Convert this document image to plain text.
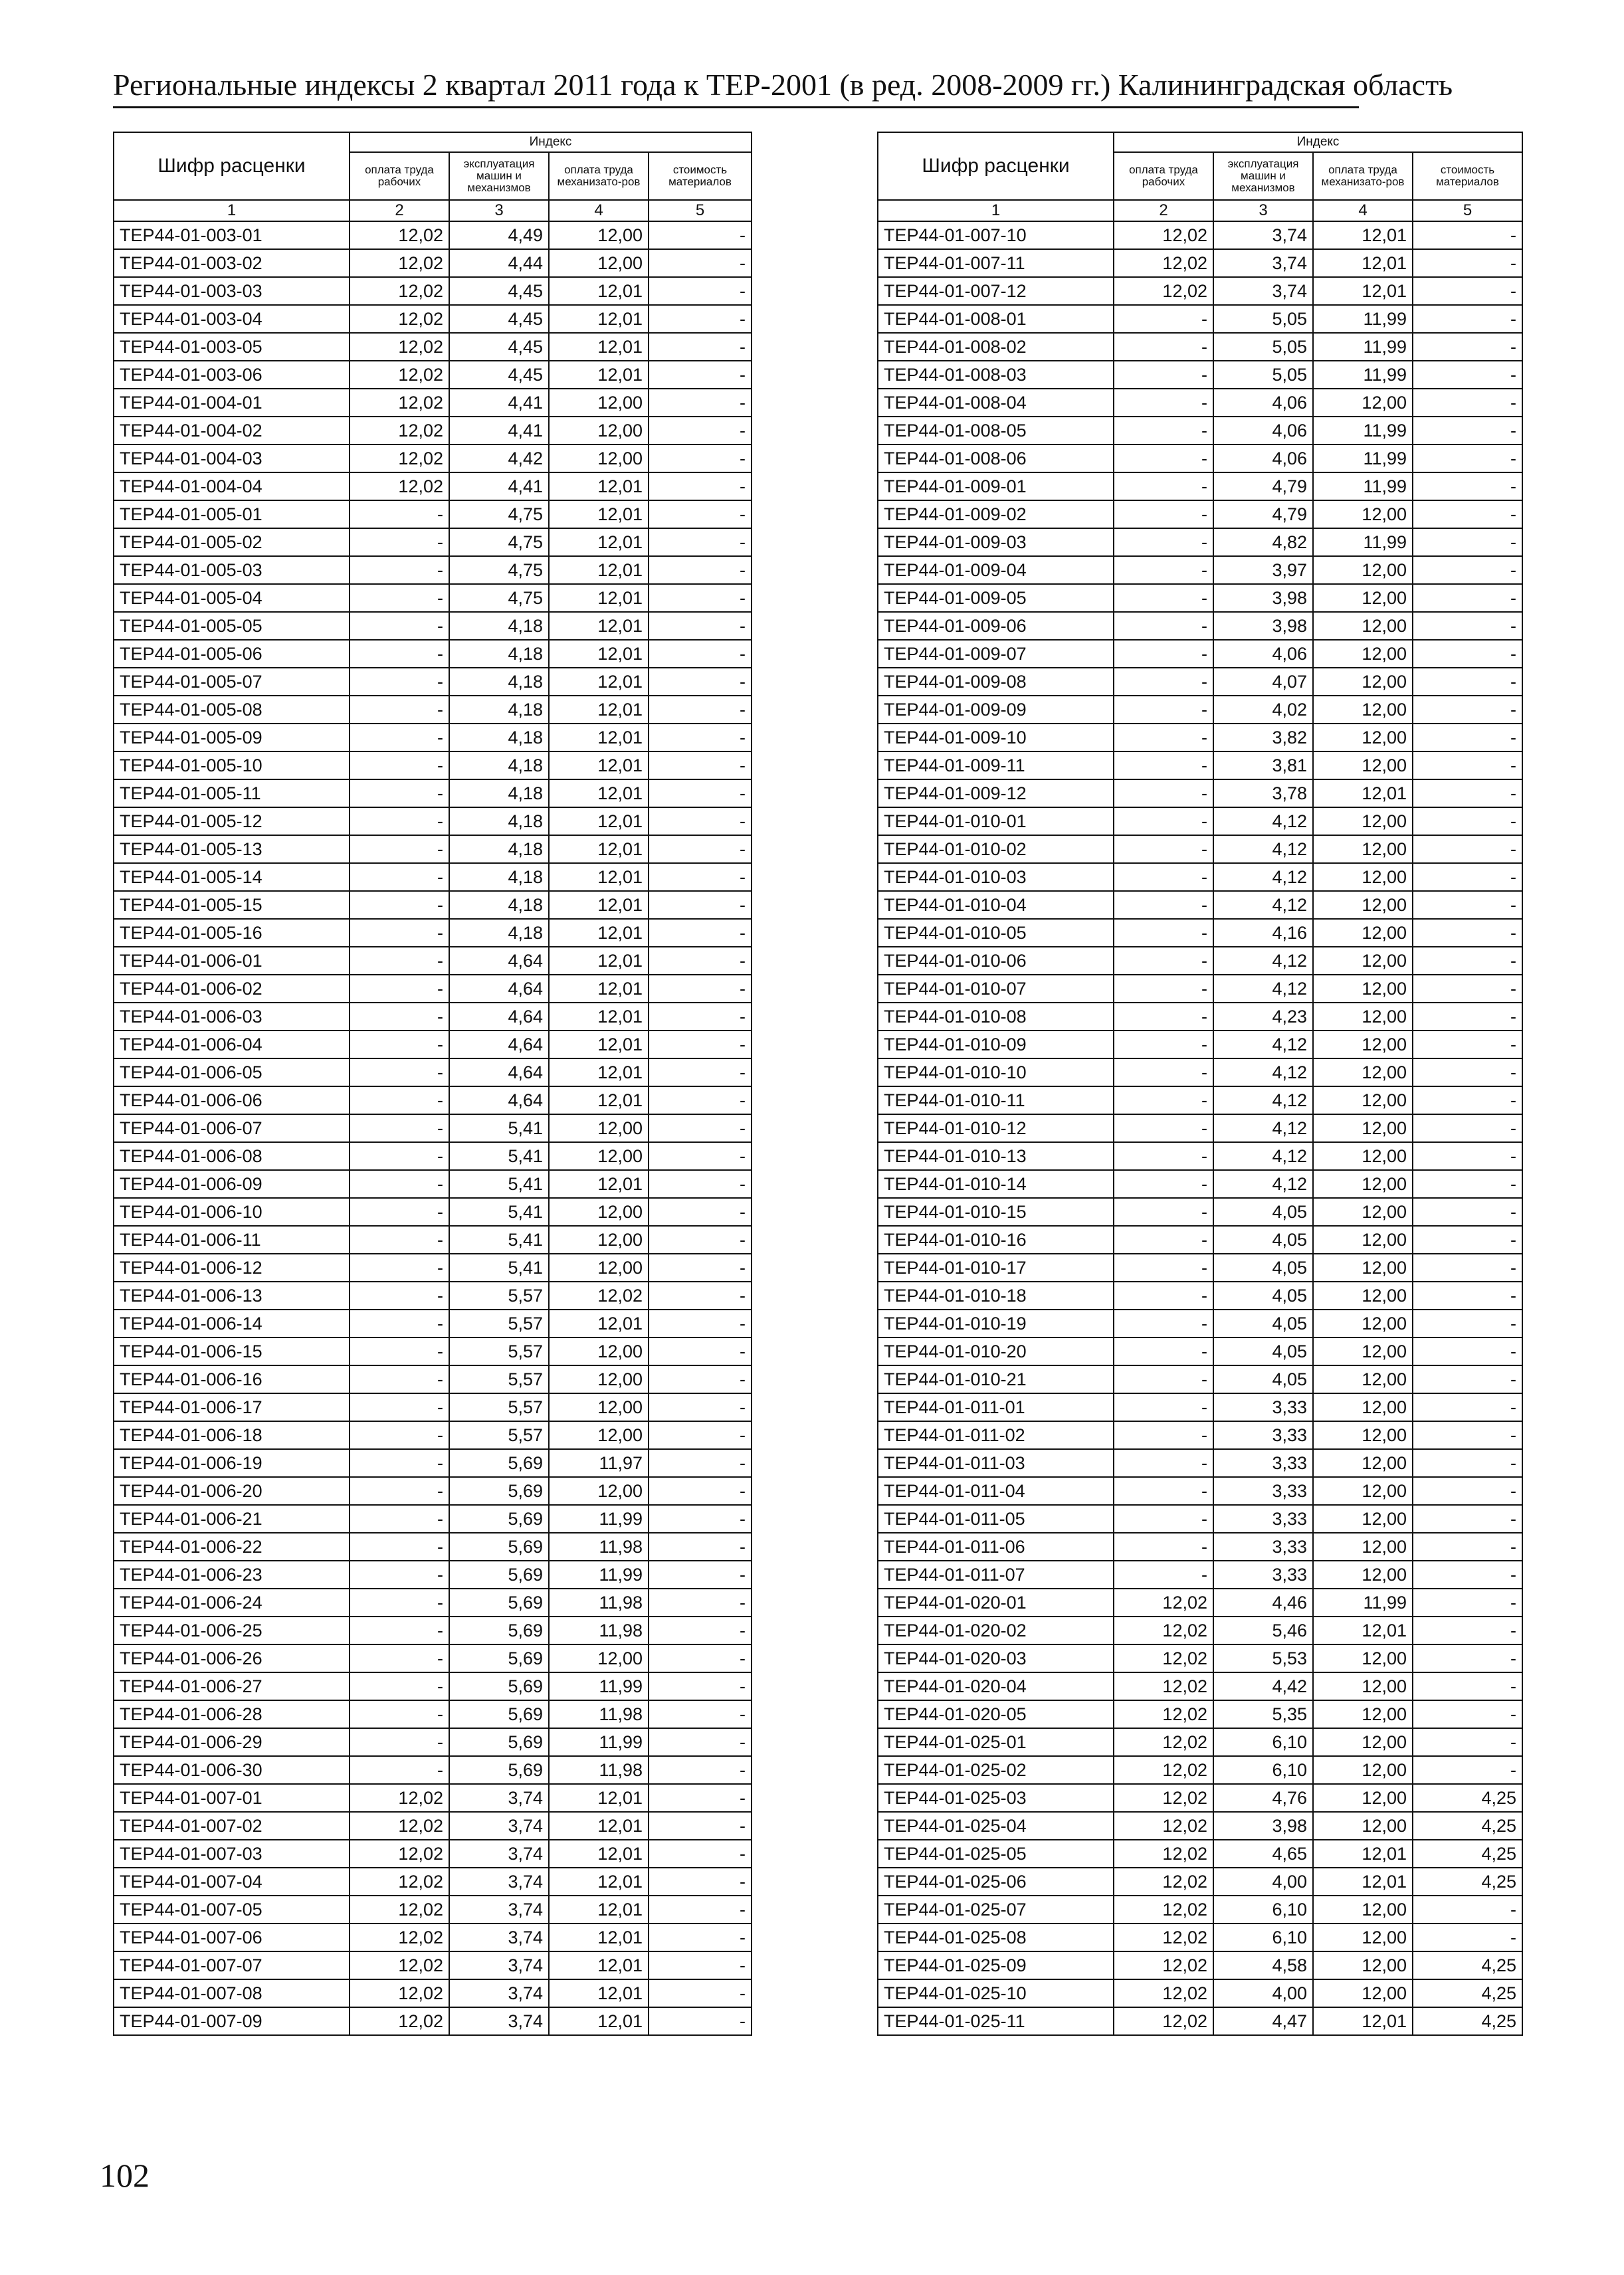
Региональные индексы 2 квартал 2011 года к ТЕР-2001 (в ред. 2008-2009 гг.) Калининградская область
Шифр расценки	Индекс			
	оплата труда рабочих	эксплуатация машин и механизмов	оплата труда механизато-ров	стоимость материалов
1	2	3	4	5
ТЕР44-01-003-01	12,02	4,49	12,00	-
ТЕР44-01-003-02	12,02	4,44	12,00	-
ТЕР44-01-003-03	12,02	4,45	12,01	-
ТЕР44-01-003-04	12,02	4,45	12,01	-
ТЕР44-01-003-05	12,02	4,45	12,01	-
ТЕР44-01-003-06	12,02	4,45	12,01	-
ТЕР44-01-004-01	12,02	4,41	12,00	-
ТЕР44-01-004-02	12,02	4,41	12,00	-
ТЕР44-01-004-03	12,02	4,42	12,00	-
ТЕР44-01-004-04	12,02	4,41	12,01	-
ТЕР44-01-005-01	-	4,75	12,01	-
ТЕР44-01-005-02	-	4,75	12,01	-
ТЕР44-01-005-03	-	4,75	12,01	-
ТЕР44-01-005-04	-	4,75	12,01	-
ТЕР44-01-005-05	-	4,18	12,01	-
ТЕР44-01-005-06	-	4,18	12,01	-
ТЕР44-01-005-07	-	4,18	12,01	-
ТЕР44-01-005-08	-	4,18	12,01	-
ТЕР44-01-005-09	-	4,18	12,01	-
ТЕР44-01-005-10	-	4,18	12,01	-
ТЕР44-01-005-11	-	4,18	12,01	-
ТЕР44-01-005-12	-	4,18	12,01	-
ТЕР44-01-005-13	-	4,18	12,01	-
ТЕР44-01-005-14	-	4,18	12,01	-
ТЕР44-01-005-15	-	4,18	12,01	-
ТЕР44-01-005-16	-	4,18	12,01	-
ТЕР44-01-006-01	-	4,64	12,01	-
ТЕР44-01-006-02	-	4,64	12,01	-
ТЕР44-01-006-03	-	4,64	12,01	-
ТЕР44-01-006-04	-	4,64	12,01	-
ТЕР44-01-006-05	-	4,64	12,01	-
ТЕР44-01-006-06	-	4,64	12,01	-
ТЕР44-01-006-07	-	5,41	12,00	-
ТЕР44-01-006-08	-	5,41	12,00	-
ТЕР44-01-006-09	-	5,41	12,01	-
ТЕР44-01-006-10	-	5,41	12,00	-
ТЕР44-01-006-11	-	5,41	12,00	-
ТЕР44-01-006-12	-	5,41	12,00	-
ТЕР44-01-006-13	-	5,57	12,02	-
ТЕР44-01-006-14	-	5,57	12,01	-
ТЕР44-01-006-15	-	5,57	12,00	-
ТЕР44-01-006-16	-	5,57	12,00	-
ТЕР44-01-006-17	-	5,57	12,00	-
ТЕР44-01-006-18	-	5,57	12,00	-
ТЕР44-01-006-19	-	5,69	11,97	-
ТЕР44-01-006-20	-	5,69	12,00	-
ТЕР44-01-006-21	-	5,69	11,99	-
ТЕР44-01-006-22	-	5,69	11,98	-
ТЕР44-01-006-23	-	5,69	11,99	-
ТЕР44-01-006-24	-	5,69	11,98	-
ТЕР44-01-006-25	-	5,69	11,98	-
ТЕР44-01-006-26	-	5,69	12,00	-
ТЕР44-01-006-27	-	5,69	11,99	-
ТЕР44-01-006-28	-	5,69	11,98	-
ТЕР44-01-006-29	-	5,69	11,99	-
ТЕР44-01-006-30	-	5,69	11,98	-
ТЕР44-01-007-01	12,02	3,74	12,01	-
ТЕР44-01-007-02	12,02	3,74	12,01	-
ТЕР44-01-007-03	12,02	3,74	12,01	-
ТЕР44-01-007-04	12,02	3,74	12,01	-
ТЕР44-01-007-05	12,02	3,74	12,01	-
ТЕР44-01-007-06	12,02	3,74	12,01	-
ТЕР44-01-007-07	12,02	3,74	12,01	-
ТЕР44-01-007-08	12,02	3,74	12,01	-
ТЕР44-01-007-09	12,02	3,74	12,01	-
Шифр расценки	Индекс			
	оплата труда рабочих	эксплуатация машин и механизмов	оплата труда механизато-ров	стоимость материалов
1	2	3	4	5
ТЕР44-01-007-10	12,02	3,74	12,01	-
ТЕР44-01-007-11	12,02	3,74	12,01	-
ТЕР44-01-007-12	12,02	3,74	12,01	-
ТЕР44-01-008-01	-	5,05	11,99	-
ТЕР44-01-008-02	-	5,05	11,99	-
ТЕР44-01-008-03	-	5,05	11,99	-
ТЕР44-01-008-04	-	4,06	12,00	-
ТЕР44-01-008-05	-	4,06	11,99	-
ТЕР44-01-008-06	-	4,06	11,99	-
ТЕР44-01-009-01	-	4,79	11,99	-
ТЕР44-01-009-02	-	4,79	12,00	-
ТЕР44-01-009-03	-	4,82	11,99	-
ТЕР44-01-009-04	-	3,97	12,00	-
ТЕР44-01-009-05	-	3,98	12,00	-
ТЕР44-01-009-06	-	3,98	12,00	-
ТЕР44-01-009-07	-	4,06	12,00	-
ТЕР44-01-009-08	-	4,07	12,00	-
ТЕР44-01-009-09	-	4,02	12,00	-
ТЕР44-01-009-10	-	3,82	12,00	-
ТЕР44-01-009-11	-	3,81	12,00	-
ТЕР44-01-009-12	-	3,78	12,01	-
ТЕР44-01-010-01	-	4,12	12,00	-
ТЕР44-01-010-02	-	4,12	12,00	-
ТЕР44-01-010-03	-	4,12	12,00	-
ТЕР44-01-010-04	-	4,12	12,00	-
ТЕР44-01-010-05	-	4,16	12,00	-
ТЕР44-01-010-06	-	4,12	12,00	-
ТЕР44-01-010-07	-	4,12	12,00	-
ТЕР44-01-010-08	-	4,23	12,00	-
ТЕР44-01-010-09	-	4,12	12,00	-
ТЕР44-01-010-10	-	4,12	12,00	-
ТЕР44-01-010-11	-	4,12	12,00	-
ТЕР44-01-010-12	-	4,12	12,00	-
ТЕР44-01-010-13	-	4,12	12,00	-
ТЕР44-01-010-14	-	4,12	12,00	-
ТЕР44-01-010-15	-	4,05	12,00	-
ТЕР44-01-010-16	-	4,05	12,00	-
ТЕР44-01-010-17	-	4,05	12,00	-
ТЕР44-01-010-18	-	4,05	12,00	-
ТЕР44-01-010-19	-	4,05	12,00	-
ТЕР44-01-010-20	-	4,05	12,00	-
ТЕР44-01-010-21	-	4,05	12,00	-
ТЕР44-01-011-01	-	3,33	12,00	-
ТЕР44-01-011-02	-	3,33	12,00	-
ТЕР44-01-011-03	-	3,33	12,00	-
ТЕР44-01-011-04	-	3,33	12,00	-
ТЕР44-01-011-05	-	3,33	12,00	-
ТЕР44-01-011-06	-	3,33	12,00	-
ТЕР44-01-011-07	-	3,33	12,00	-
ТЕР44-01-020-01	12,02	4,46	11,99	-
ТЕР44-01-020-02	12,02	5,46	12,01	-
ТЕР44-01-020-03	12,02	5,53	12,00	-
ТЕР44-01-020-04	12,02	4,42	12,00	-
ТЕР44-01-020-05	12,02	5,35	12,00	-
ТЕР44-01-025-01	12,02	6,10	12,00	-
ТЕР44-01-025-02	12,02	6,10	12,00	-
ТЕР44-01-025-03	12,02	4,76	12,00	4,25
ТЕР44-01-025-04	12,02	3,98	12,00	4,25
ТЕР44-01-025-05	12,02	4,65	12,01	4,25
ТЕР44-01-025-06	12,02	4,00	12,01	4,25
ТЕР44-01-025-07	12,02	6,10	12,00	-
ТЕР44-01-025-08	12,02	6,10	12,00	-
ТЕР44-01-025-09	12,02	4,58	12,00	4,25
ТЕР44-01-025-10	12,02	4,00	12,00	4,25
ТЕР44-01-025-11	12,02	4,47	12,01	4,25
102
